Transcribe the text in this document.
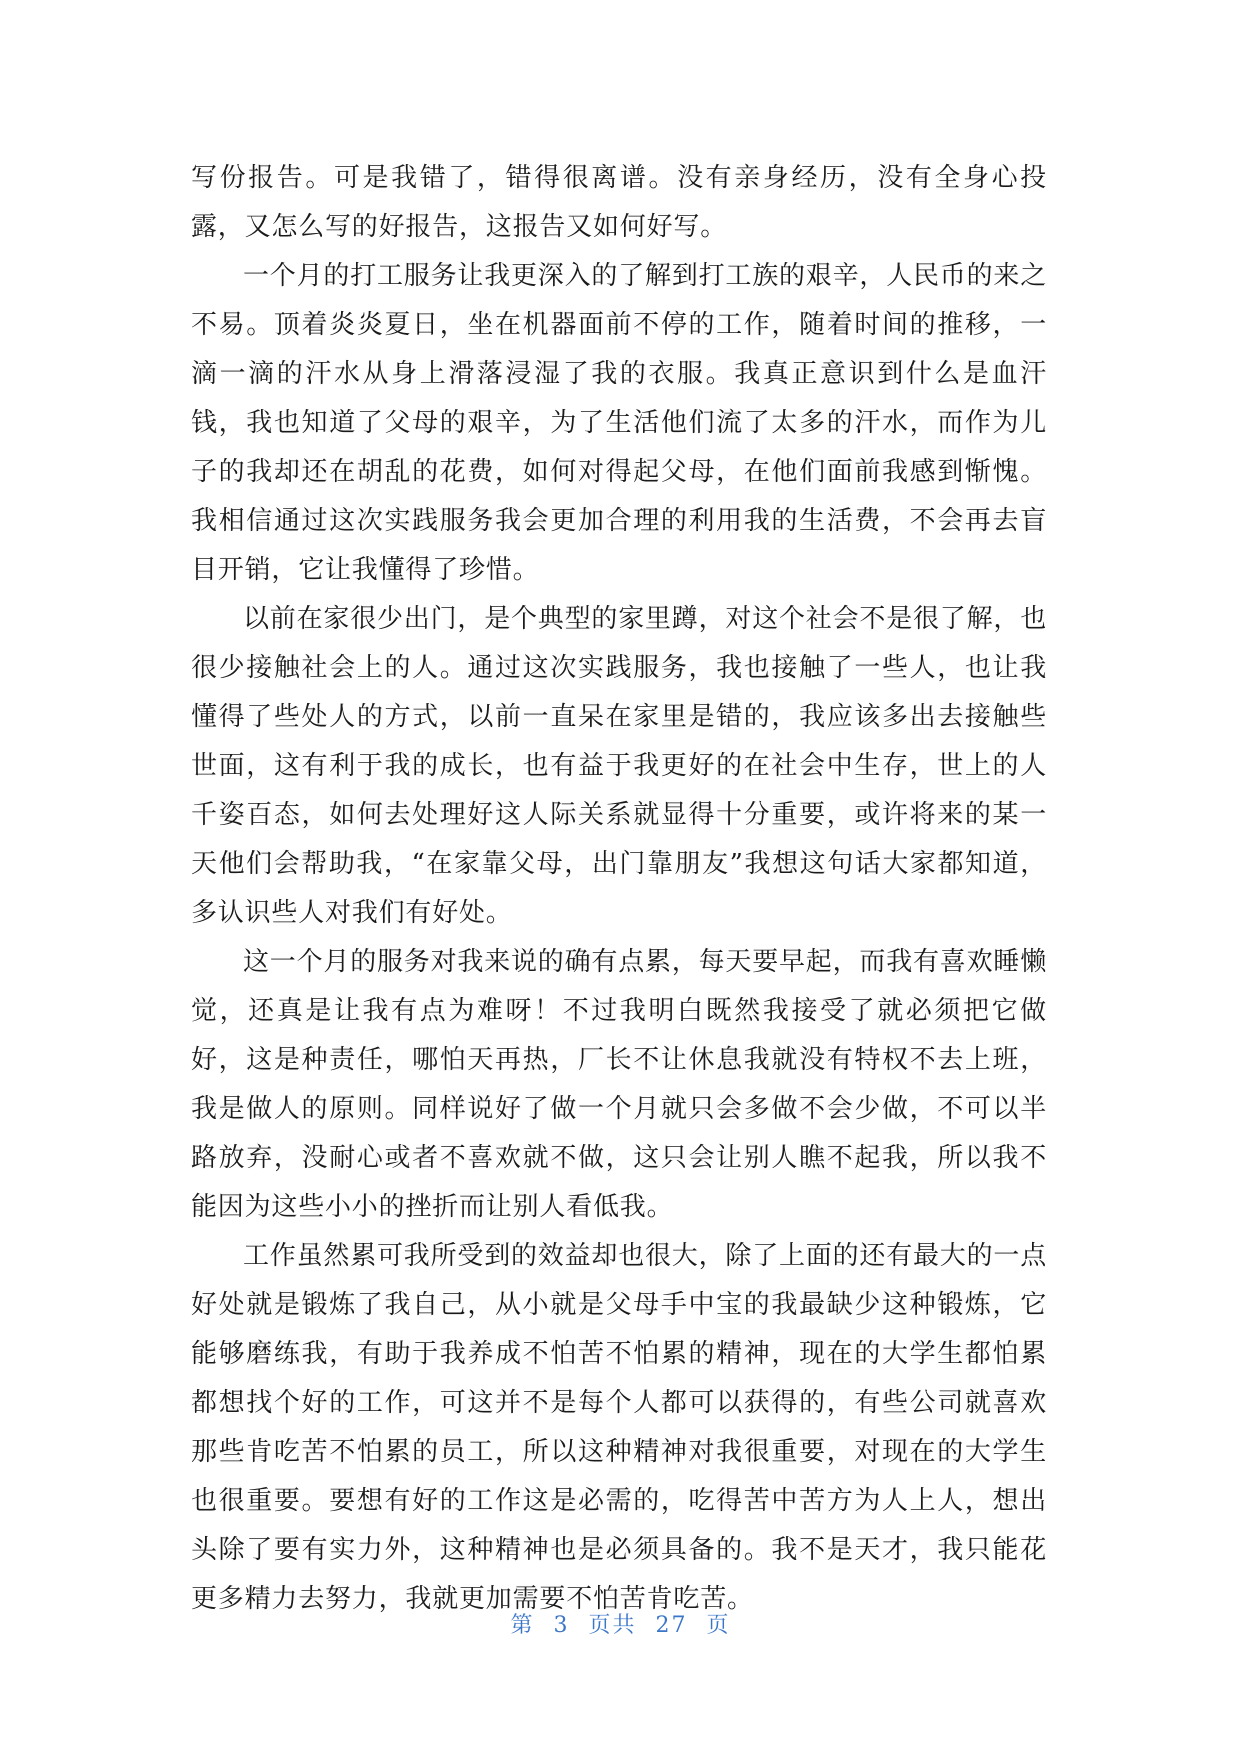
写份报告。可是我错了，错得很离谱。没有亲身经历，没有全身心投露，又怎么写的好报告，这报告又如何好写。

一个月的打工服务让我更深入的了解到打工族的艰辛，人民币的来之不易。顶着炎炎夏日，坐在机器面前不停的工作，随着时间的推移，一滴一滴的汗水从身上滑落浸湿了我的衣服。我真正意识到什么是血汗钱，我也知道了父母的艰辛，为了生活他们流了太多的汗水，而作为儿子的我却还在胡乱的花费，如何对得起父母，在他们面前我感到惭愧。我相信通过这次实践服务我会更加合理的利用我的生活费，不会再去盲目开销，它让我懂得了珍惜。

以前在家很少出门，是个典型的家里蹲，对这个社会不是很了解，也很少接触社会上的人。通过这次实践服务，我也接触了一些人，也让我懂得了些处人的方式，以前一直呆在家里是错的，我应该多出去接触些世面，这有利于我的成长，也有益于我更好的在社会中生存，世上的人千姿百态，如何去处理好这人际关系就显得十分重要，或许将来的某一天他们会帮助我，“在家靠父母，出门靠朋友”我想这句话大家都知道，多认识些人对我们有好处。

这一个月的服务对我来说的确有点累，每天要早起，而我有喜欢睡懒觉，还真是让我有点为难呀！不过我明白既然我接受了就必须把它做好，这是种责任，哪怕天再热，厂长不让休息我就没有特权不去上班，我是做人的原则。同样说好了做一个月就只会多做不会少做，不可以半路放弃，没耐心或者不喜欢就不做，这只会让别人瞧不起我，所以我不能因为这些小小的挫折而让别人看低我。

工作虽然累可我所受到的效益却也很大，除了上面的还有最大的一点好处就是锻炼了我自己，从小就是父母手中宝的我最缺少这种锻炼，它能够磨练我，有助于我养成不怕苦不怕累的精神，现在的大学生都怕累都想找个好的工作，可这并不是每个人都可以获得的，有些公司就喜欢那些肯吃苦不怕累的员工，所以这种精神对我很重要，对现在的大学生也很重要。要想有好的工作这是必需的，吃得苦中苦方为人上人，想出头除了要有实力外，这种精神也是必须具备的。我不是天才，我只能花更多精力去努力，我就更加需要不怕苦肯吃苦。

第 3 页共 27 页
